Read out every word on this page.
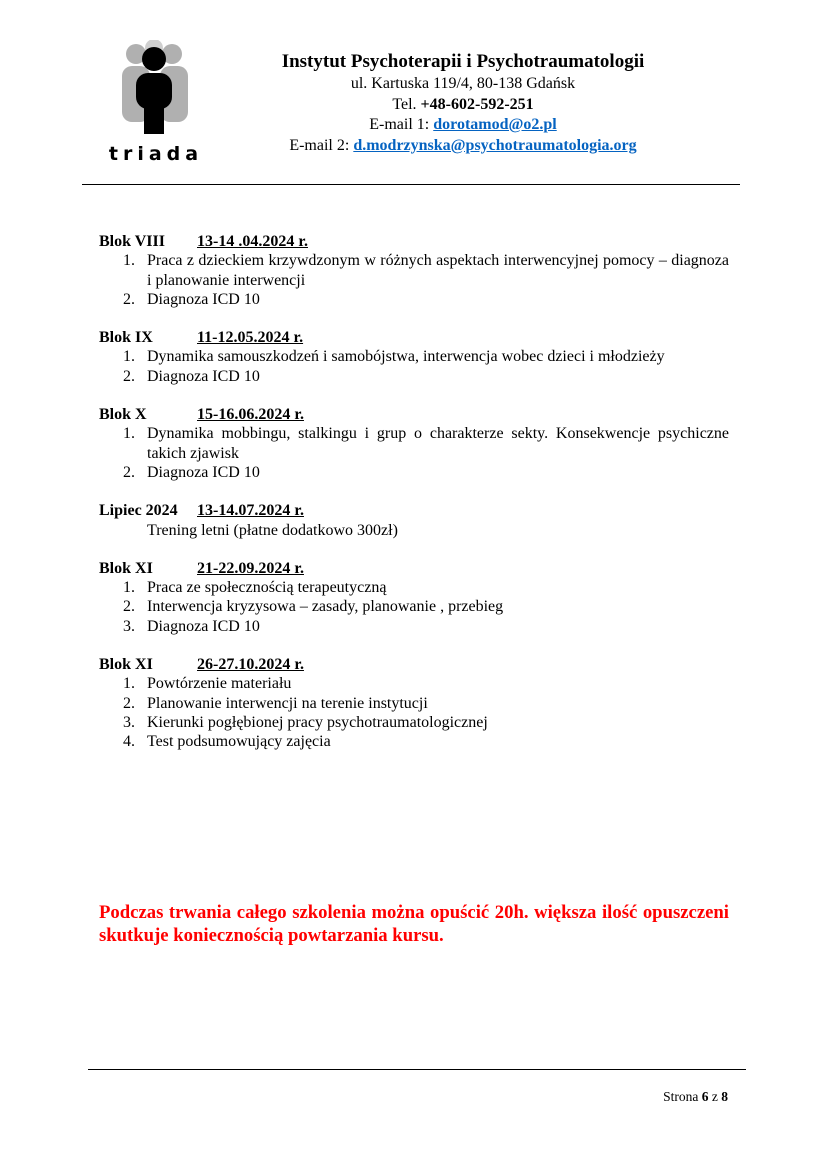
triada
Instytut Psychoterapii i Psychotraumatologii
ul. Kartuska 119/4, 80-138 Gdańsk
Tel. +48-602-592-251
E-mail 1: dorotamod@o2.pl
E-mail 2: d.modrzynska@psychotraumatologia.org
Blok VIII 13-14 .04.2024 r.
1. Praca z dzieckiem krzywdzonym w różnych aspektach interwencyjnej pomocy – diagnoza i planowanie interwencji
2. Diagnoza ICD 10
Blok IX	11-12.05.2024 r.
1. Dynamika samouszkodzeń i samobójstwa, interwencja wobec dzieci i młodzieży
2. Diagnoza ICD 10
Blok X	15-16.06.2024 r.
1. Dynamika mobbingu, stalkingu i grup o charakterze sekty. Konsekwencje psychiczne takich zjawisk
2. Diagnoza ICD 10
Lipiec 2024 13-14.07.2024 r.
Trening letni (płatne dodatkowo 300zł)
Blok XI	21-22.09.2024 r.
1. Praca ze społecznością terapeutyczną
2. Interwencja kryzysowa – zasady, planowanie , przebieg
3. Diagnoza ICD 10
Blok XI	26-27.10.2024 r.
1. Powtórzenie materiału
2. Planowanie interwencji na terenie instytucji
3. Kierunki pogłębionej pracy psychotraumatologicznej
4. Test podsumowujący zajęcia
Podczas trwania całego szkolenia można opuścić 20h. większa ilość opuszczeni skutkuje koniecznością powtarzania kursu.
Strona 6 z 8
